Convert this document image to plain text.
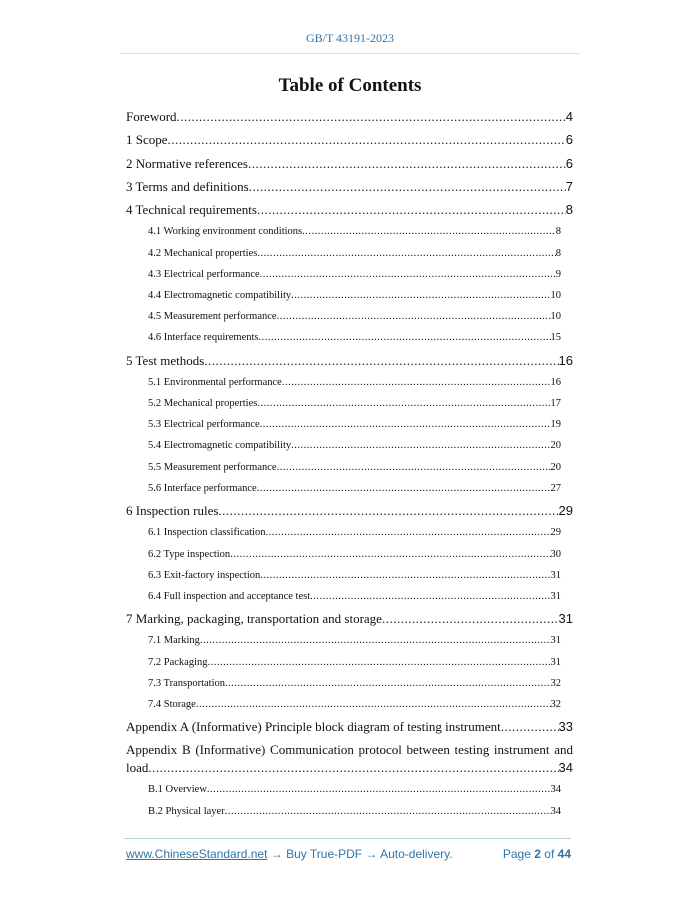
GB/T 43191-2023
Table of Contents
Foreword .....	4
1 Scope .....	6
2 Normative references .....	6
3 Terms and definitions .....	7
4 Technical requirements .....	8
4.1 Working environment conditions .....	8
4.2 Mechanical properties .....	8
4.3 Electrical performance .....	9
4.4 Electromagnetic compatibility .....	10
4.5 Measurement performance .....	10
4.6 Interface requirements .....	15
5 Test methods .....	16
5.1 Environmental performance .....	16
5.2 Mechanical properties .....	17
5.3 Electrical performance .....	19
5.4 Electromagnetic compatibility .....	20
5.5 Measurement performance .....	20
5.6 Interface performance .....	27
6 Inspection rules .....	29
6.1 Inspection classification .....	29
6.2 Type inspection .....	30
6.3 Exit-factory inspection .....	31
6.4 Full inspection and acceptance test .....	31
7 Marking, packaging, transportation and storage .....	31
7.1 Marking .....	31
7.2 Packaging .....	31
7.3 Transportation .....	32
7.4 Storage .....	32
Appendix A (Informative) Principle block diagram of testing instrument .....	33
Appendix B (Informative) Communication protocol between testing instrument and
load .....	34
B.1 Overview .....	34
B.2 Physical layer .....	34
www.ChineseStandard.net → Buy True-PDF → Auto-delivery.	Page 2 of 44
